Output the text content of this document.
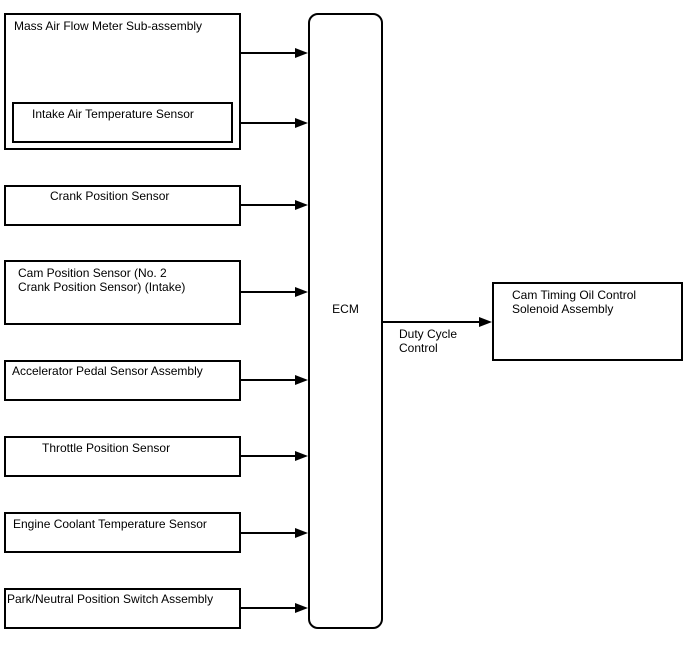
Mass Air Flow Meter Sub-assembly
Intake Air Temperature Sensor
Crank Position Sensor
Cam Position Sensor (No. 2
Crank Position Sensor) (Intake)
Accelerator Pedal Sensor Assembly
Throttle Position Sensor
Engine Coolant Temperature Sensor
Park/Neutral Position Switch Assembly
ECM
Duty Cycle
Control
Cam Timing Oil Control
Solenoid Assembly
